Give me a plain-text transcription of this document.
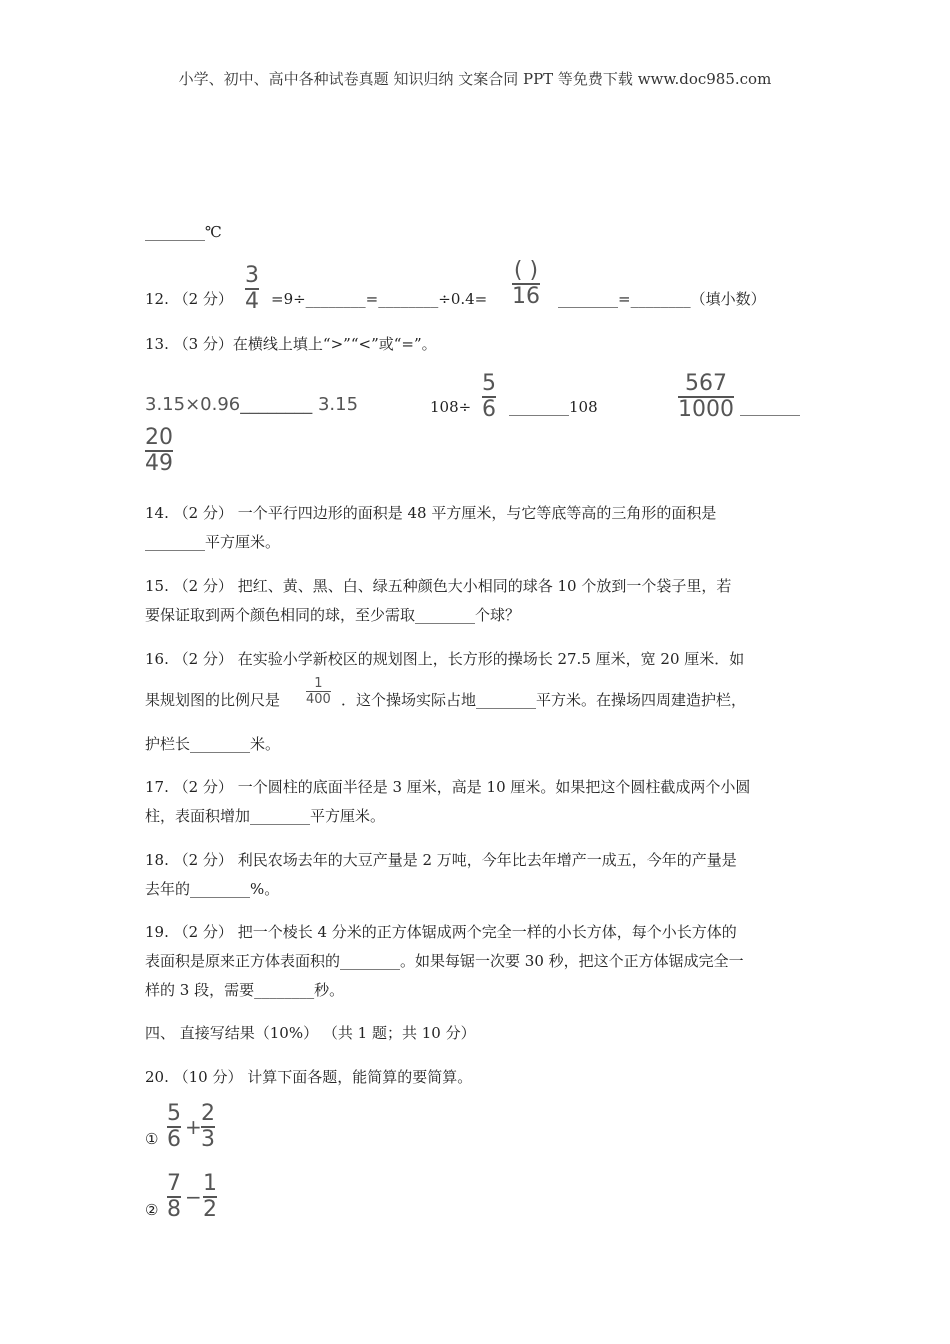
小学、初中、高中各种试卷真题 知识归纳 文案合同 PPT 等免费下载 www.doc985.com
________℃
12. （2 分）
3
4 =9÷________=________÷0.4=
( )
16 ________=________（填小数）
13. （3 分）在横线上填上“>”“<”或“=”。
3.15×0.96________ 3.15	108÷
5
6 ________108
567
1000 ________
20
49
14. （2 分） 一个平行四边形的面积是 48 平方厘米，与它等底等高的三角形的面积是
________平方厘米。
15. （2 分） 把红、黄、黑、白、绿五种颜色大小相同的球各 10 个放到一个袋子里，若
要保证取到两个颜色相同的球，至少需取________个球？
16. （2 分） 在实验小学新校区的规划图上，长方形的操场长 27.5 厘米，宽 20 厘米．如
果规划图的比例尺是
1
400 ．这个操场实际占地________平方米。在操场四周建造护栏，
护栏长________米。
17. （2 分） 一个圆柱的底面半径是 3 厘米，高是 10 厘米。如果把这个圆柱截成两个小圆
柱，表面积增加________平方厘米。
18. （2 分） 利民农场去年的大豆产量是 2 万吨，今年比去年增产一成五，今年的产量是
去年的________%。
19. （2 分） 把一个棱长 4 分米的正方体锯成两个完全一样的小长方体，每个小长方体的
表面积是原来正方体表面积的________。如果每锯一次要 30 秒，把这个正方体锯成完全一
样的 3 段，需要________秒。
四、 直接写结果（10%） （共 1 题；共 10 分）
20. （10 分） 计算下面各题，能简算的要简算。
①
5
6 +
2
3
②
7
8 −
1
2
